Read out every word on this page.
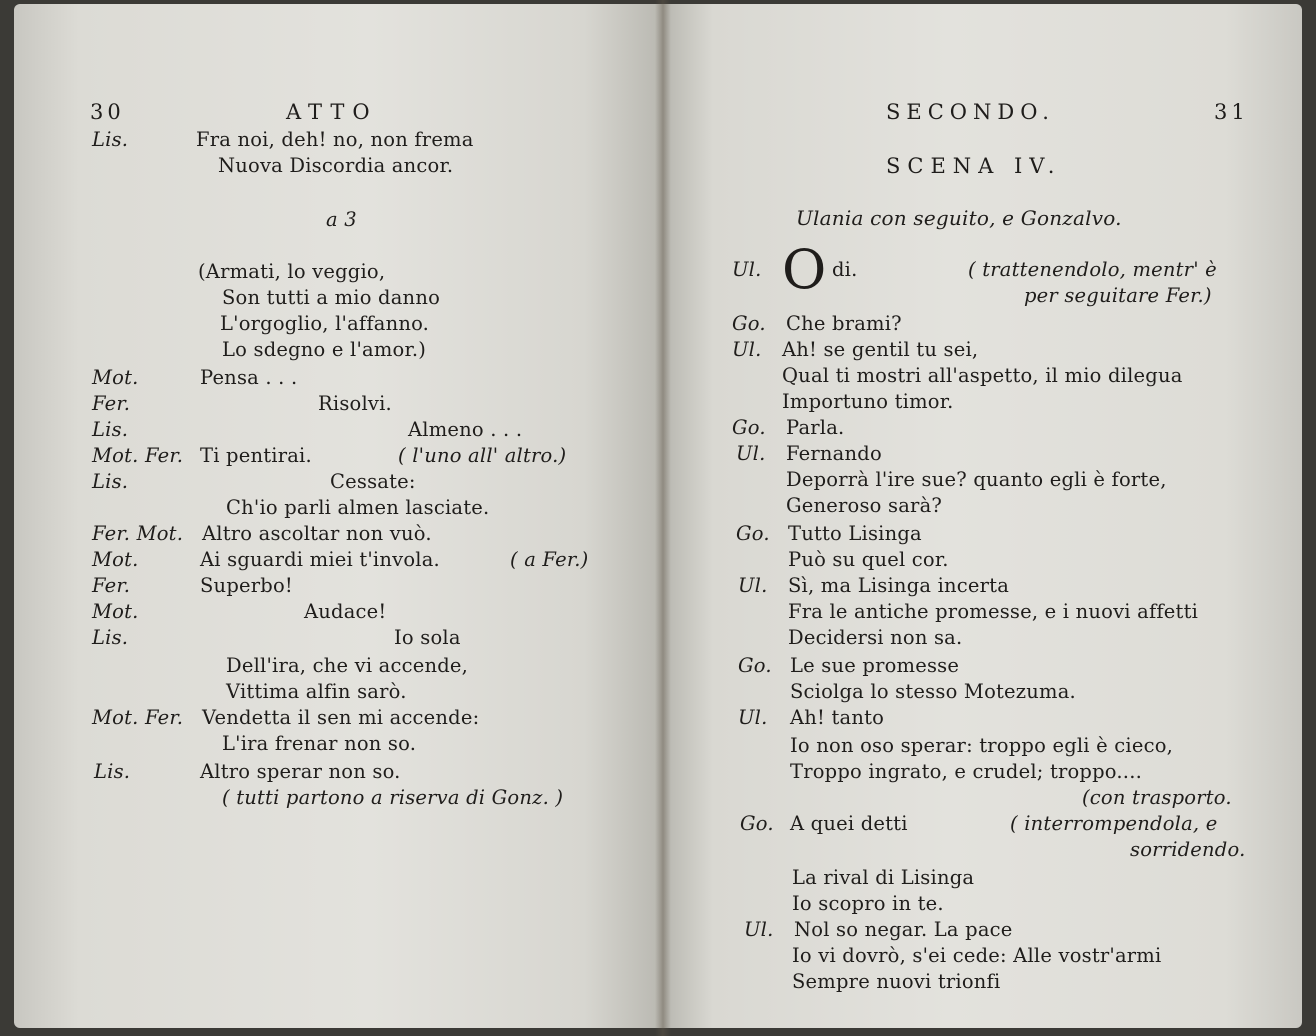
30	ATTO
Lis.	Fra noi, deh! no, non frema
Nuova Discordia ancor.
a 3
(Armati, lo veggio,
Son tutti a mio danno
L'orgoglio, l'affanno.
Lo sdegno e l'amor.)
Mot.	Pensa . . .
Fer.	Risolvi.
Lis.	Almeno . . .
Mot. Fer. Ti pentirai.	( l'uno all' altro.)
Lis.	Cessate:
Ch'io parli almen lasciate.
Fer. Mot. Altro ascoltar non vuò.
Mot.	Ai sguardi miei t'invola.	( a Fer.)
Fer.	Superbo!
Mot.	Audace!
Lis.	Io sola
Dell'ira, che vi accende,
Vittima alfin sarò.
Mot. Fer. Vendetta il sen mi accende:
L'ira frenar non so.
Lis.	Altro sperar non so.
( tutti partono a riserva di Gonz. )
SECONDO.	31
SCENA IV.
Ulania con seguito, e Gonzalvo.
Ul. O di.	( trattenendolo, mentr' è
per seguitare Fer.)
Go. Che brami?
Ul. Ah! se gentil tu sei,
Qual ti mostri all'aspetto, il mio dilegua
Importuno timor.
Go. Parla.
Ul. Fernando
Deporrà l'ire sue? quanto egli è forte,
Generoso sarà?
Go. Tutto Lisinga
Può su quel cor.
Ul. Sì, ma Lisinga incerta
Fra le antiche promesse, e i nuovi affetti
Decidersi non sa.
Go. Le sue promesse
Sciolga lo stesso Motezuma.
Ul. Ah! tanto
Io non oso sperar: troppo egli è cieco,
Troppo ingrato, e crudel; troppo....
(con trasporto.
Go. A quei detti	( interrompendola, e
sorridendo.
La rival di Lisinga
Io scopro in te.
Ul. Nol so negar. La pace
Io vi dovrò, s'ei cede: Alle vostr'armi
Sempre nuovi trionfi
